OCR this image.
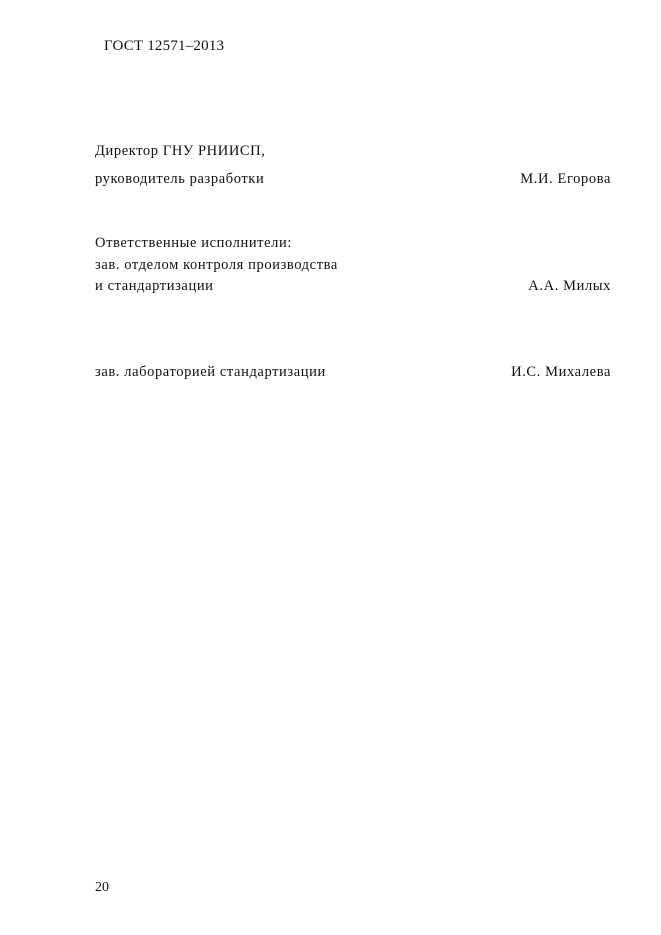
ГОСТ 12571–2013
Директор ГНУ РНИИСП,
руководитель разработки	М.И. Егорова
Ответственные исполнители:
зав. отделом контроля производства
и стандартизации	А.А. Милых
зав. лабораторией стандартизации	И.С. Михалева
20
